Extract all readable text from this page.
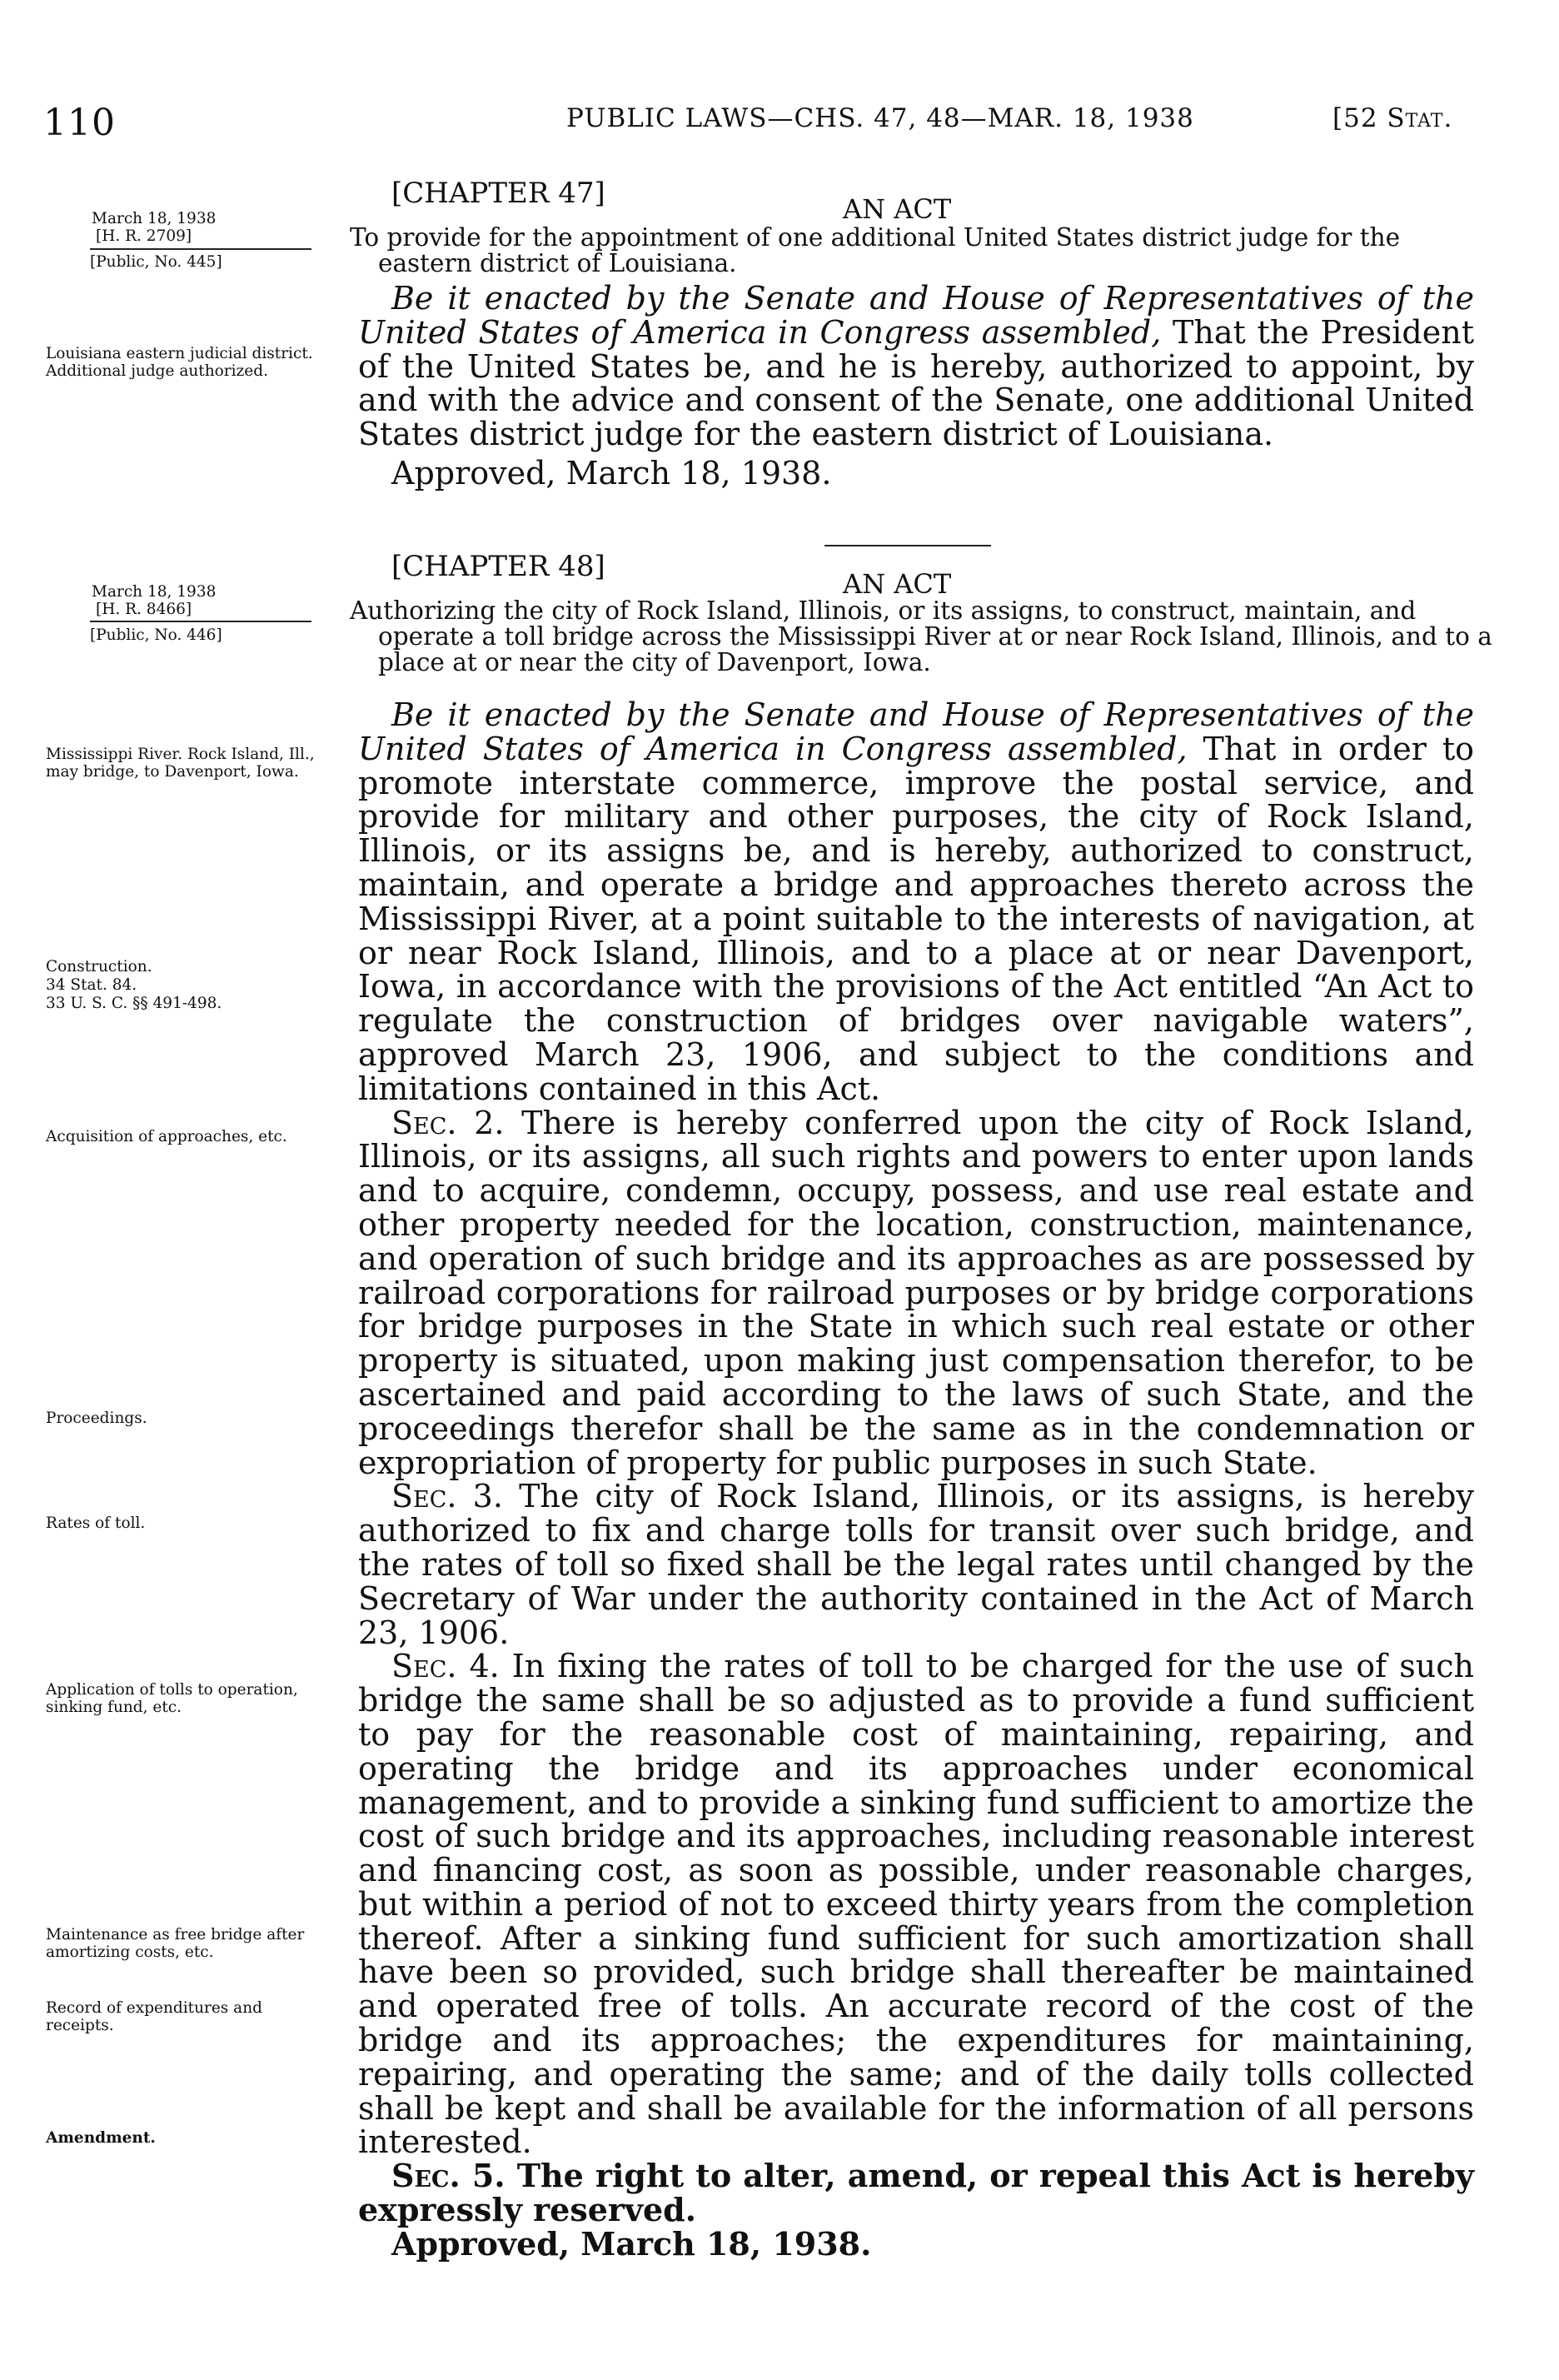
110	PUBLIC LAWS—CHS. 47, 48—MAR. 18, 1938	[52 Stat.
March 18, 1938
[H. R. 2709]
[Public, No. 445]
Louisiana eastern judicial district. Additional judge authorized.
[CHAPTER 47]	AN ACT
To provide for the appointment of one additional United States district judge for the eastern district of Louisiana.

Be it enacted by the Senate and House of Representatives of the United States of America in Congress assembled, That the President of the United States be, and he is hereby, authorized to appoint, by and with the advice and consent of the Senate, one additional United States district judge for the eastern district of Louisiana.

Approved, March 18, 1938.

March 18, 1938
[H. R. 8466]
[Public, No. 446]
[CHAPTER 48]
AN ACT
Authorizing the city of Rock Island, Illinois, or its assigns, to construct, maintain, and operate a toll bridge across the Mississippi River at or near Rock Island, Illinois, and to a place at or near the city of Davenport, Iowa.

Be it enacted by the Senate and House of Representatives of the United States of America in Congress assembled, That in order to promote interstate commerce, improve the postal service, and provide for military and other purposes, the city of Rock Island, Illinois, or its assigns be, and is hereby, authorized to construct, maintain, and operate a bridge and approaches thereto across the Mississippi River, at a point suitable to the interests of navigation, at or near Rock Island, Illinois, and to a place at or near Davenport, Iowa, in accordance with the provisions of the Act entitled “An Act to regulate the construction of bridges over navigable waters”, approved March 23, 1906, and subject to the conditions and limitations contained in this Act.

Sec. 2. There is hereby conferred upon the city of Rock Island, Illinois, or its assigns, all such rights and powers to enter upon lands and to acquire, condemn, occupy, possess, and use real estate and other property needed for the location, construction, maintenance, and operation of such bridge and its approaches as are possessed by railroad corporations for railroad purposes or by bridge corporations for bridge purposes in the State in which such real estate or other property is situated, upon making just compensation therefor, to be ascertained and paid according to the laws of such State, and the proceedings therefor shall be the same as in the condemnation or expropriation of property for public purposes in such State.

Sec. 3. The city of Rock Island, Illinois, or its assigns, is hereby authorized to fix and charge tolls for transit over such bridge, and the rates of toll so fixed shall be the legal rates until changed by the Secretary of War under the authority contained in the Act of March 23, 1906.

Sec. 4. In fixing the rates of toll to be charged for the use of such bridge the same shall be so adjusted as to provide a fund sufficient to pay for the reasonable cost of maintaining, repairing, and operating the bridge and its approaches under economical management, and to provide a sinking fund sufficient to amortize the cost of such bridge and its approaches, including reasonable interest and financing cost, as soon as possible, under reasonable charges, but within a period of not to exceed thirty years from the completion thereof. After a sinking fund sufficient for such amortization shall have been so provided, such bridge shall thereafter be maintained and operated free of tolls. An accurate record of the cost of the bridge and its approaches; the expenditures for maintaining, repairing, and operating the same; and of the daily tolls collected shall be kept and shall be available for the information of all persons interested.

Sec. 5. The right to alter, amend, or repeal this Act is hereby expressly reserved.

Approved, March 18, 1938.

Mississippi River. Rock Island, Ill., may bridge, to Davenport, Iowa.
Construction.
34 Stat. 84.
33 U. S. C. §§ 491-498.
Acquisition of approaches, etc.
Proceedings.
Rates of toll.
Application of tolls to operation, sinking fund, etc.
Maintenance as free bridge after amortizing costs, etc.
Record of expenditures and receipts.
Amendment.
